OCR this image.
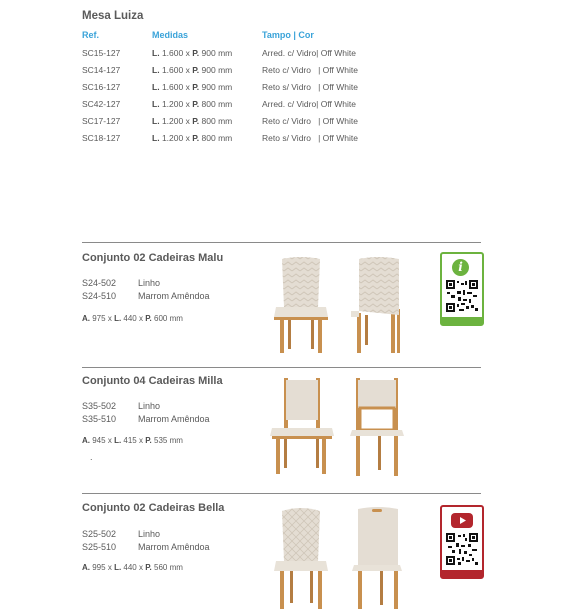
Mesa Luiza
Ref.	Medidas	Tampo | Cor
SC15-127	L. 1.600 x P. 900 mm	Arred. c/ Vidro| Off White
SC14-127	L. 1.600 x P. 900 mm	Reto c/ Vidro | Off White
SC16-127	L. 1.600 x P. 900 mm	Reto s/ Vidro | Off White
SC42-127	L. 1.200 x P. 800 mm	Arred. c/ Vidro| Off White
SC17-127	L. 1.200 x P. 800 mm	Reto c/ Vidro | Off White
SC18-127	L. 1.200 x P. 800 mm	Reto s/ Vidro | Off White
Conjunto 02 Cadeiras Malu
S24-502 Linho
S24-510 Marrom Amêndoa
A. 975 x L. 440 x P. 600 mm
i
Conjunto 04 Cadeiras Milla
S35-502 Linho
S35-510 Marrom Amêndoa
A. 945 x L. 415 x P. 535 mm
.
Conjunto 02 Cadeiras Bella
S25-502 Linho
S25-510 Marrom Amêndoa
A. 995 x L. 440 x P. 560 mm
